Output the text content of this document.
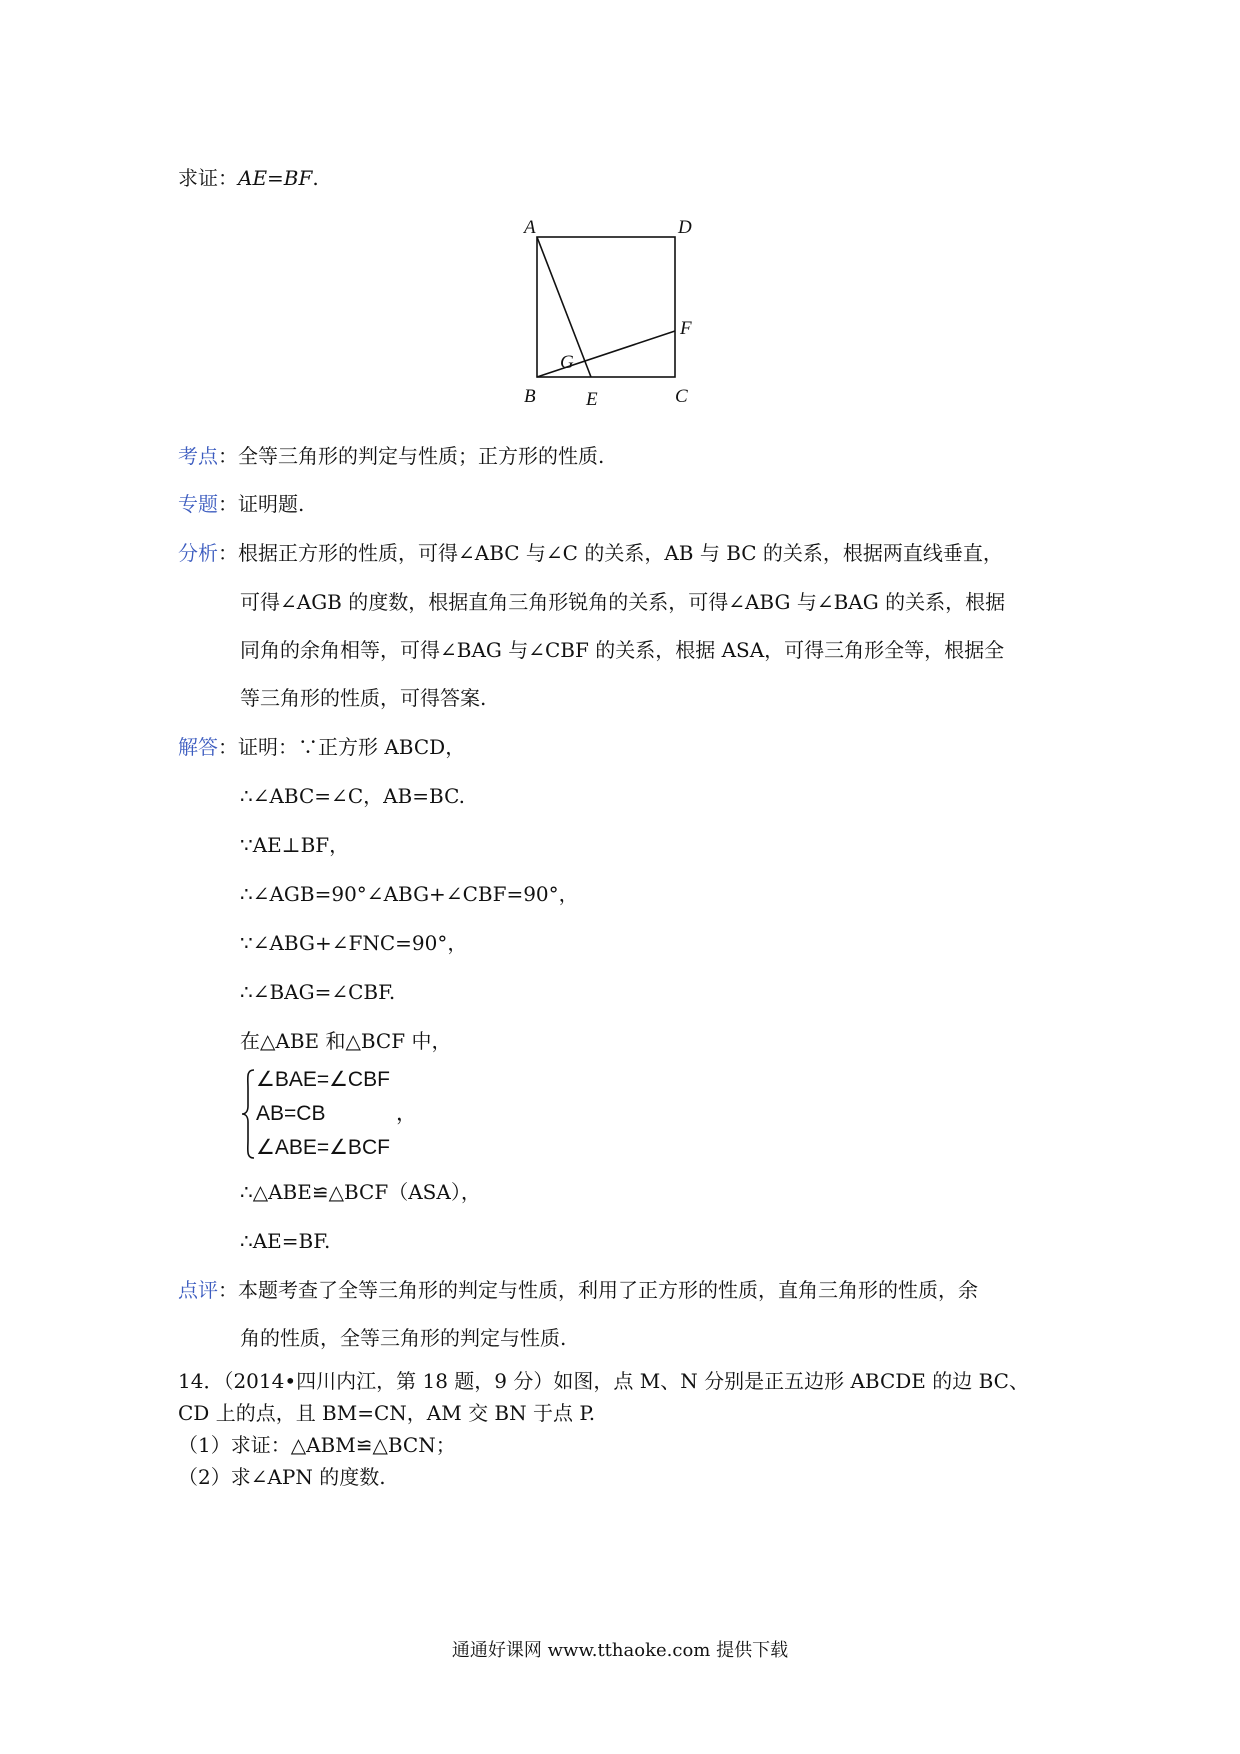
求证：AE=BF.
A	D
F
G
B	E	C
考点：全等三角形的判定与性质；正方形的性质.
专题：证明题.
分析：根据正方形的性质，可得∠ABC 与∠C 的关系，AB 与 BC 的关系，根据两直线垂直，
可得∠AGB 的度数，根据直角三角形锐角的关系，可得∠ABG 与∠BAG 的关系，根据
同角的余角相等，可得∠BAG 与∠CBF 的关系，根据 ASA，可得三角形全等，根据全
等三角形的性质，可得答案.
解答：证明：∵正方形 ABCD，
∴∠ABC=∠C，AB=BC.
∵AE⊥BF，
∴∠AGB=90°∠ABG+∠CBF=90°，
∵∠ABG+∠FNC=90°，
∴∠BAG=∠CBF.
在△ABE 和△BCF 中，
∠BAE=∠CBF
AB=CB
∠ABE=∠BCF
，
∴△ABE≌△BCF（ASA），
∴AE=BF.
点评：本题考查了全等三角形的判定与性质，利用了正方形的性质，直角三角形的性质，余
角的性质，全等三角形的判定与性质.
14．（2014•四川内江，第 18 题，9 分）如图，点 M、N 分别是正五边形 ABCDE 的边 BC、
CD 上的点，且 BM=CN，AM 交 BN 于点 P.
（1）求证：△ABM≌△BCN；
（2）求∠APN 的度数.
通通好课网 www.tthaoke.com 提供下载
